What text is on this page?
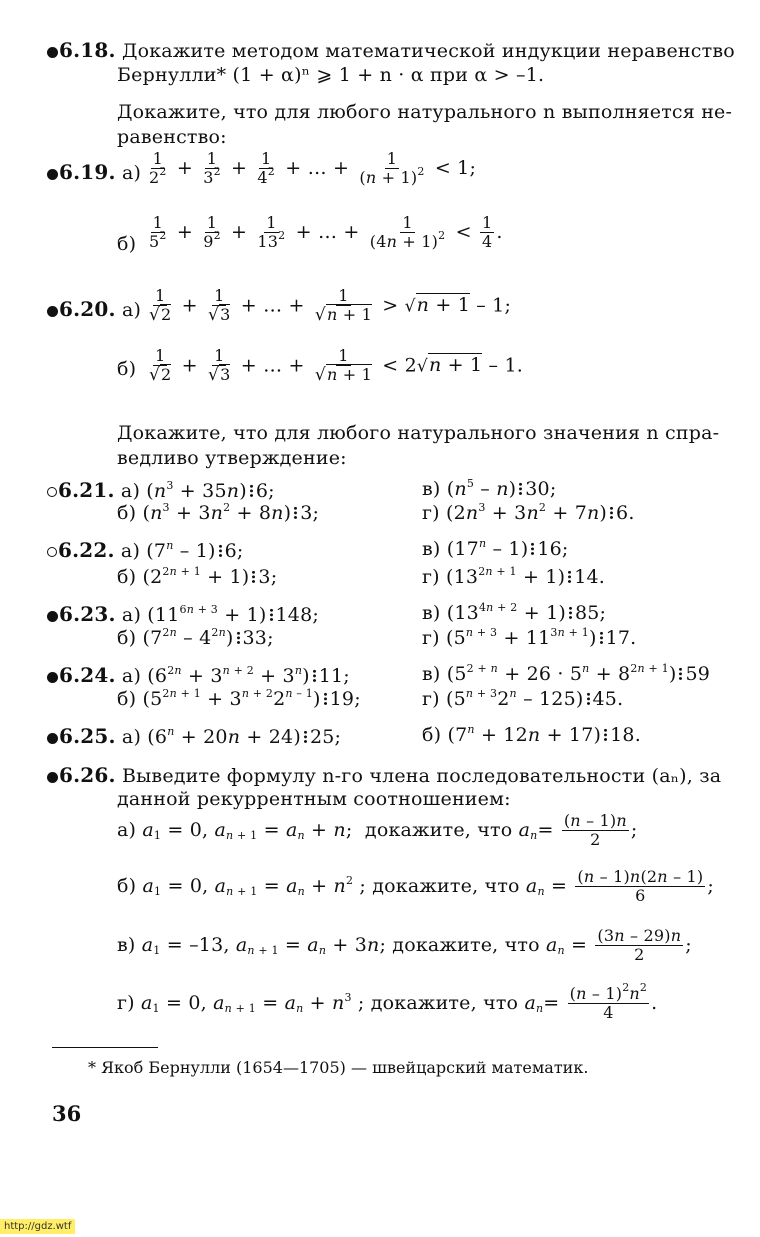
6.18. Докажите методом математической индукции неравенство
Бернулли* (1 + α)ⁿ ⩾ 1 + n · α при α > –1.
Докажите, что для любого натурального n выполняется не-
равенство:
6.19. $а) \frac{1}{2^2} + \frac{1}{3^2} + \frac{1}{4^2}$ + … + $\frac{1}{(n + 1)^2} < 1$;
$б) \frac{1}{5^2} + \frac{1}{9^2} + \frac{1}{13^2}$ + … + $\frac{1}{(4n + 1)^2} < \frac{1}{4}$ .
6.20. $а) \frac{1}{√2} + \frac{1}{√3}$ + … + $\frac{1}{√n + 1} > √n + 1 - 1$;
$б) \frac{1}{√2} + \frac{1}{√3}$ + … + $\frac{1}{√n + 1} < 2√n + 1 - 1$.
Докажите, что для любого натурального значения n спра-
ведливо утверждение:
6.21. а) $(n^3 + 35n)$ 6;	в) $(n^5 - n)$ 30;
б) $(n^3 + 3n^2 + 8n)$ 3;	г) $(2n^3 + 3n^2 + 7n)$ 6.
6.22. а) (7$^n$ – 1) 6;	в) (17$^n$ – 1) 16;
б) $(2^{2n + 1} + 1)$ 3;	г) $(13^{2n + 1} + 1)$ 14.
6.23. а) $(11^{6n + 3} + 1)$ 148;	в) $(13^{4n + 2} + 1)$ 85;
б) $(7^{2n} - 4^{2n})$ 33;	г) $(5^{n + 3} + 11^{3n + 1})$ 17.
6.24. а) $(6^{2n} + 3^{n + 2} + 3^n)$ 11;	в) $(5^{2 + n} + 26 \cdot 5^n + 8^{2n + 1})$ 59
б) $(5^{2n + 1} + 3^{n + 2}2^{n - 1})$ 19;	г) $(5^{n + 3}2^n - 125)$ 45.
6.25. а) $(6^n + 20n + 24)$ 25;	б) $(7^n + 12n + 17)$ 18.
6.26. Выведите формулу n-го члена последовательности (aₙ), за
данной рекуррентным соотношением:
а) $a_1 = 0$, $a_{n + 1} = a_n + n$;  докажите, что $a_n= \frac{(n - 1)n}{2}$ ;
б) $a_1 = 0$, $a_{n + 1} = a_n + n^2$ ; докажите, что $a_n = \frac{(n - 1)n(2n - 1)}{6}$ ;
в) $a_1 = -13$, $a_{n + 1} = a_n + 3n$; докажите, что $a_n = \frac{(3n - 29)n}{2}$ ;
г) $a_1 = 0$, $a_{n + 1} = a_n + n^3$ ; докажите, что $a_n= \frac{(n - 1)^2n^2}{4}$ .
* Якоб Бернулли (1654—1705) — швейцарский математик.
36
http://gdz.wtf
